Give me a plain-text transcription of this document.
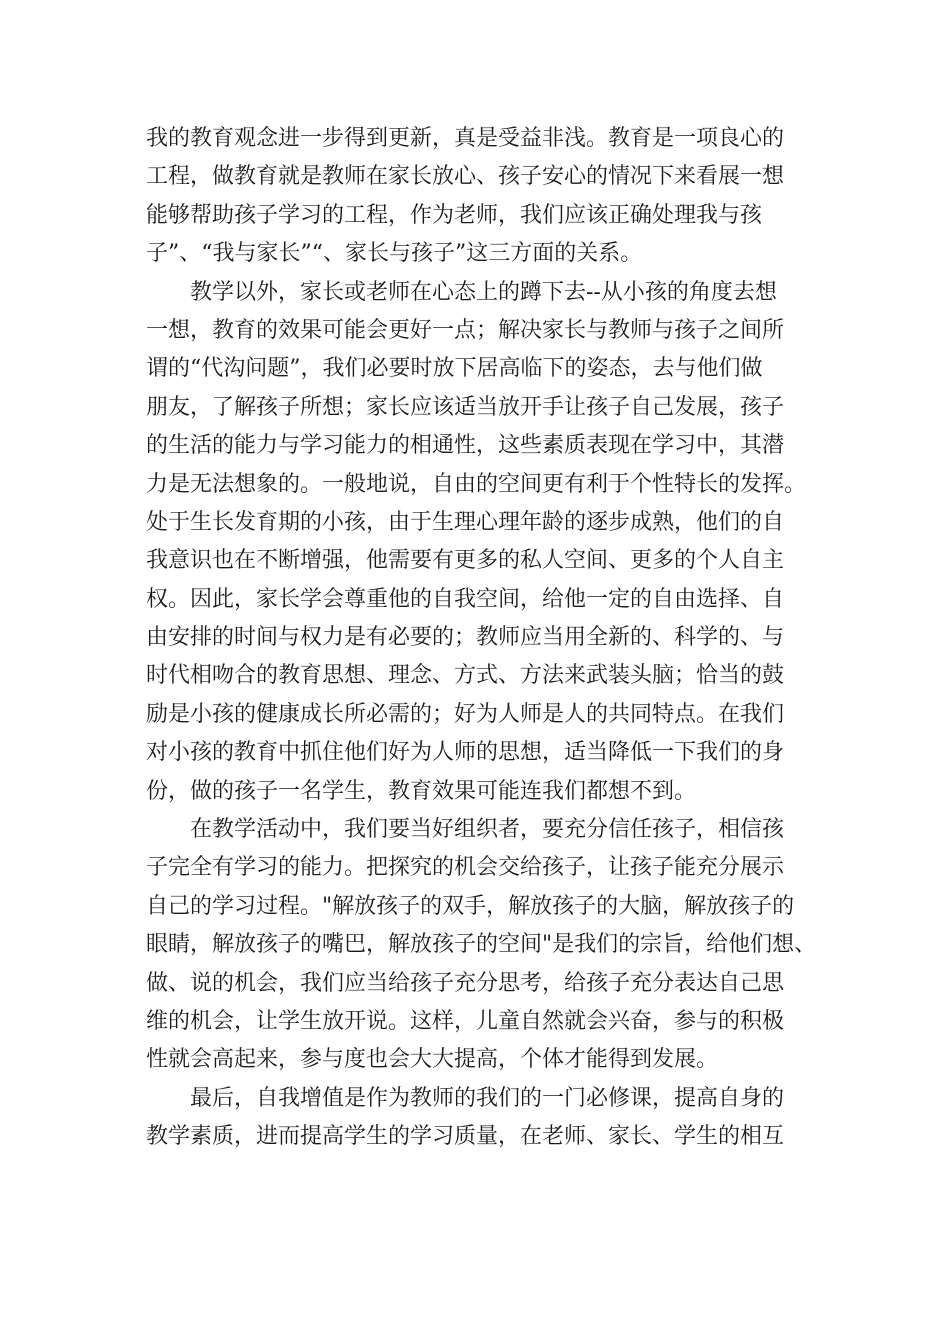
我的教育观念进一步得到更新，真是受益非浅。教育是一项良心的
工程，做教育就是教师在家长放心、孩子安心的情况下来看展一想
能够帮助孩子学习的工程，作为老师，我们应该正确处理我与孩
子”、“我与家长”“、家长与孩子”这三方面的关系。
　　教学以外，家长或老师在心态上的蹲下去--从小孩的角度去想
一想，教育的效果可能会更好一点；解决家长与教师与孩子之间所
谓的“代沟问题”，我们必要时放下居高临下的姿态，去与他们做
朋友，了解孩子所想；家长应该适当放开手让孩子自己发展，孩子
的生活的能力与学习能力的相通性，这些素质表现在学习中，其潜
力是无法想象的。一般地说，自由的空间更有利于个性特长的发挥。
处于生长发育期的小孩，由于生理心理年龄的逐步成熟，他们的自
我意识也在不断增强，他需要有更多的私人空间、更多的个人自主
权。因此，家长学会尊重他的自我空间，给他一定的自由选择、自
由安排的时间与权力是有必要的；教师应当用全新的、科学的、与
时代相吻合的教育思想、理念、方式、方法来武装头脑；恰当的鼓
励是小孩的健康成长所必需的；好为人师是人的共同特点。在我们
对小孩的教育中抓住他们好为人师的思想，适当降低一下我们的身
份，做的孩子一名学生，教育效果可能连我们都想不到。
　　在教学活动中，我们要当好组织者，要充分信任孩子，相信孩
子完全有学习的能力。把探究的机会交给孩子，让孩子能充分展示
自己的学习过程。"解放孩子的双手，解放孩子的大脑，解放孩子的
眼睛，解放孩子的嘴巴，解放孩子的空间"是我们的宗旨，给他们想、
做、说的机会，我们应当给孩子充分思考，给孩子充分表达自己思
维的机会，让学生放开说。这样，儿童自然就会兴奋，参与的积极
性就会高起来，参与度也会大大提高，个体才能得到发展。
　　最后，自我增值是作为教师的我们的一门必修课，提高自身的
教学素质，进而提高学生的学习质量，在老师、家长、学生的相互
